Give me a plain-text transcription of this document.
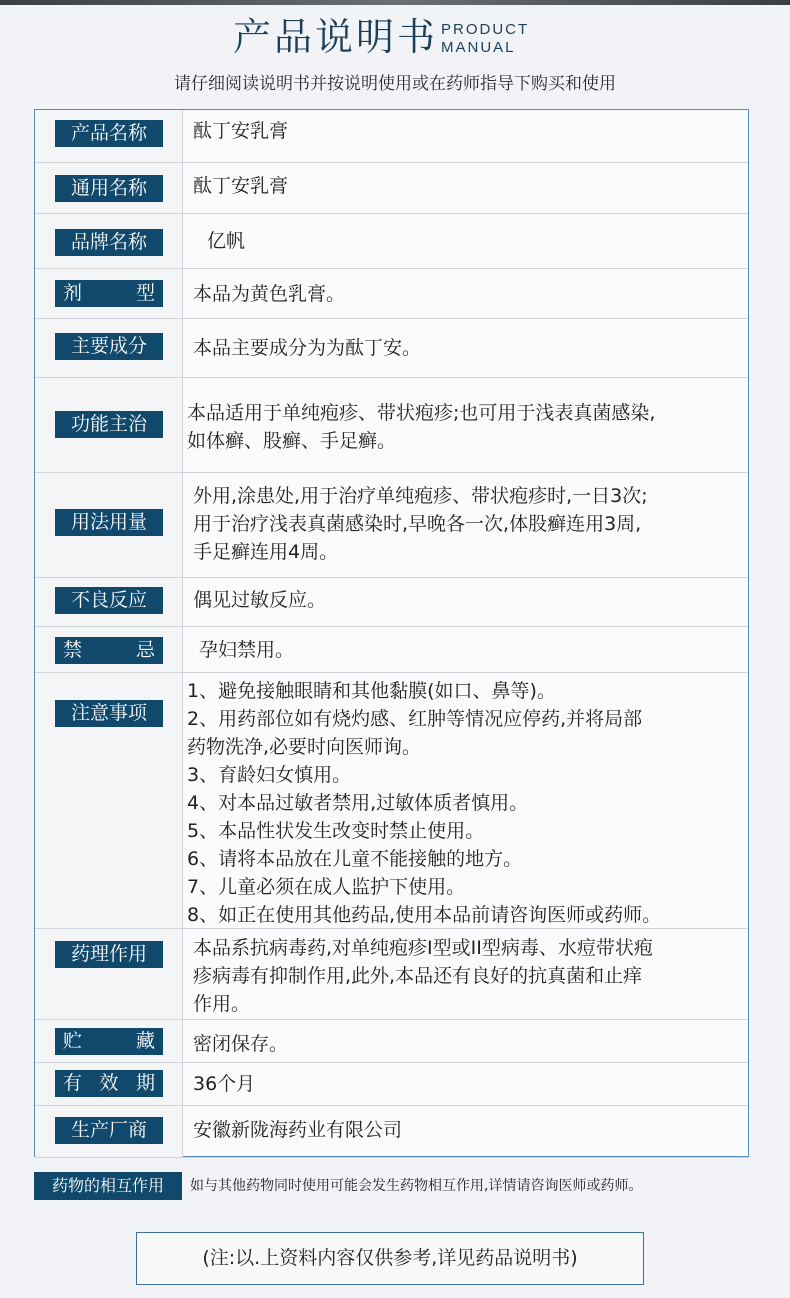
产品说明书 PRODUCT
MANUAL
请仔细阅读说明书并按说明使用或在药师指导下购买和使用
产品名称 酞丁安乳膏
通用名称 酞丁安乳膏
品牌名称	亿帆
剂	型 本品为黄色乳膏。
主要成分 本品主要成分为为酞丁安。
功能主治 本品适用于单纯疱疹、带状疱疹;也可用于浅表真菌感染,
如体癣、股癣、手足癣。
用法用量
外用,涂患处,用于治疗单纯疱疹、带状疱疹时,一日3次;
用于治疗浅表真菌感染时,早晚各一次,体股癣连用3周,
手足癣连用4周。
不良反应 偶见过敏反应。
禁	忌 孕妇禁用。
注意事项
1、避免接触眼睛和其他黏膜(如口、鼻等)。
2、用药部位如有烧灼感、红肿等情况应停药,并将局部
药物洗净,必要时向医师询。
3、育龄妇女慎用。
4、对本品过敏者禁用,过敏体质者慎用。
5、本品性状发生改变时禁止使用。
6、请将本品放在儿童不能接触的地方。
7、儿童必须在成人监护下使用。
8、如正在使用其他药品,使用本品前请咨询医师或药师。
药理作用 本品系抗病毒药,对单纯疱疹I型或II型病毒、水痘带状疱
疹病毒有抑制作用,此外,本品还有良好的抗真菌和止痒
作用。
贮	藏 密闭保存。
有 效 期 36个月
生产厂商 安徽新陇海药业有限公司
药物的相互作用	如与其他药物同时使用可能会发生药物相互作用,详情请咨询医师或药师。
(注:以.上资料内容仅供参考,详见药品说明书)
